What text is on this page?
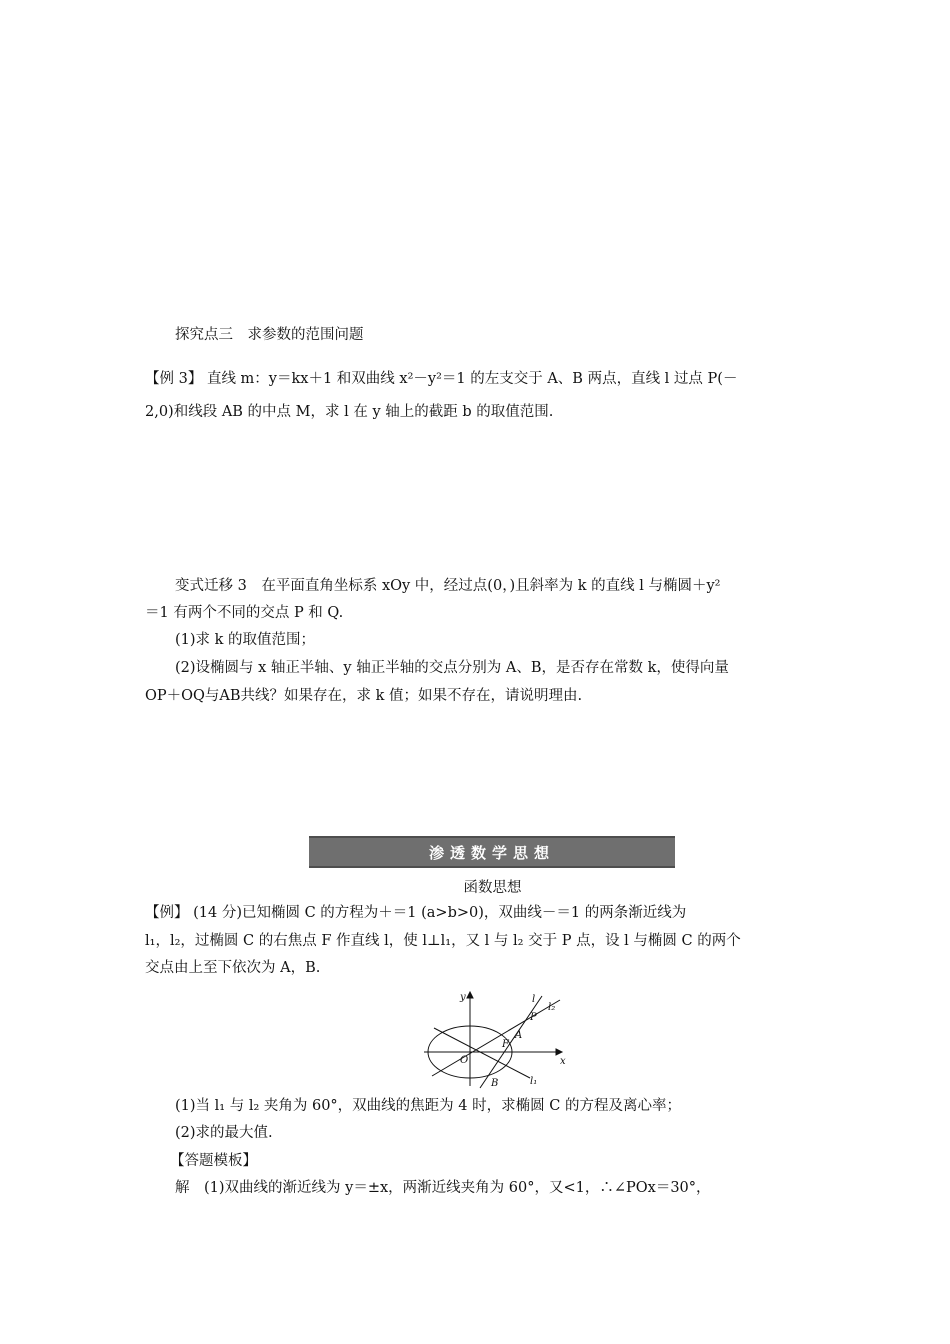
探究点三　求参数的范围问题
【例 3】 直线 m：y＝kx＋1 和双曲线 x²－y²＝1 的左支交于 A、B 两点，直线 l 过点 P(－
2,0)和线段 AB 的中点 M，求 l 在 y 轴上的截距 b 的取值范围.
变式迁移 3　在平面直角坐标系 xOy 中，经过点(0，)且斜率为 k 的直线 l 与椭圆＋y²
＝1 有两个不同的交点 P 和 Q.
(1)求 k 的取值范围；
(2)设椭圆与 x 轴正半轴、y 轴正半轴的交点分别为 A、B，是否存在常数 k，使得向量
OP＋OQ与AB共线？如果存在，求 k 值；如果不存在，请说明理由.
渗透数学思想
函数思想
【例】 (14 分)已知椭圆 C 的方程为＋＝1 (a>b>0)，双曲线－＝1 的两条渐近线为
l₁，l₂，过椭圆 C 的右焦点 F 作直线 l，使 l⊥l₁，又 l 与 l₂ 交于 P 点，设 l 与椭圆 C 的两个
交点由上至下依次为 A，B.
y
x
O
F
A
B
P
l
l₂
l₁
(1)当 l₁ 与 l₂ 夹角为 60°，双曲线的焦距为 4 时，求椭圆 C 的方程及离心率；
(2)求的最大值.
【答题模板】
解　(1)双曲线的渐近线为 y＝±x，两渐近线夹角为 60°，又<1，∴∠POx＝30°，
